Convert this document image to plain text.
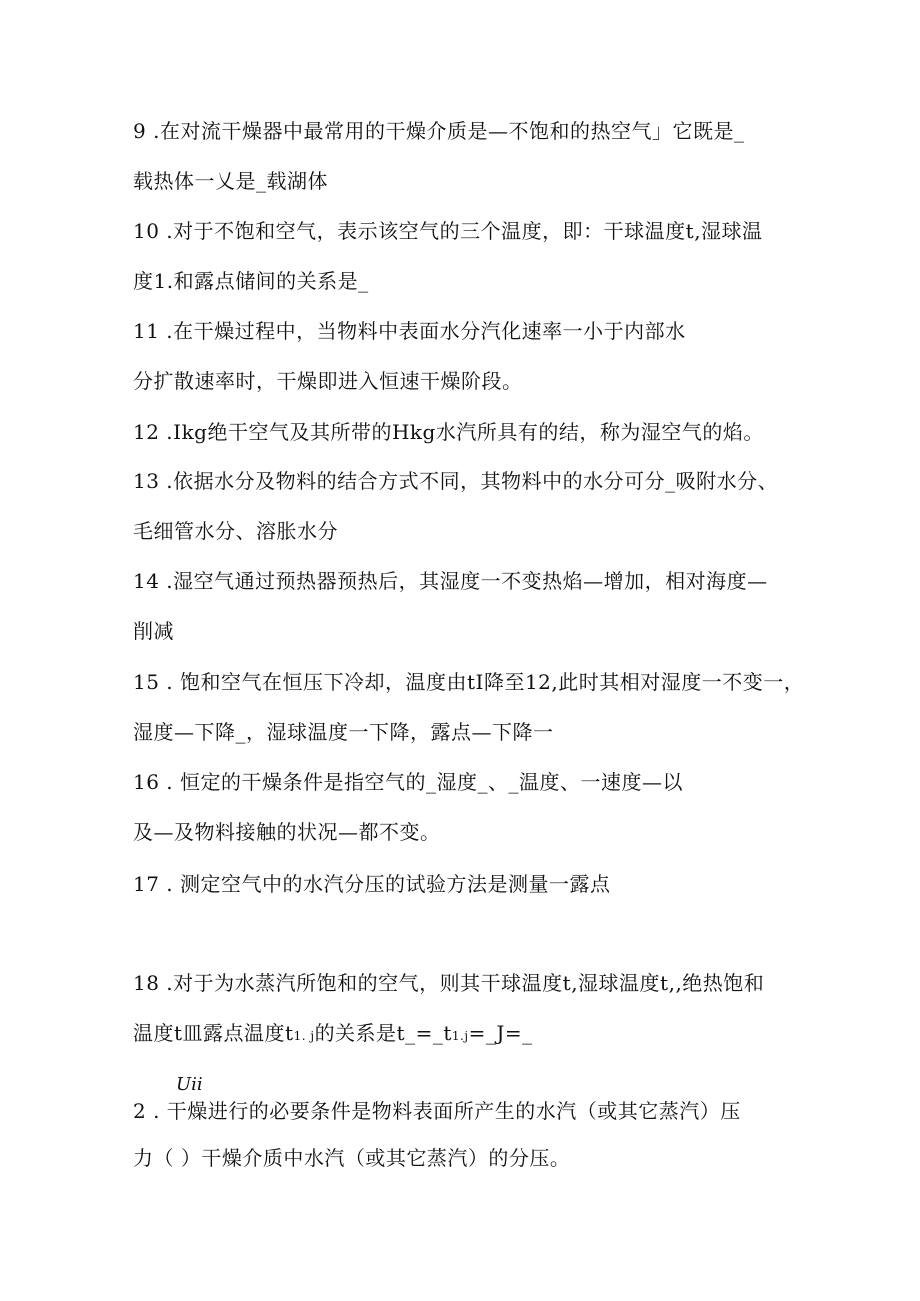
9 .在对流干燥器中最常用的干燥介质是—不饱和的热空气」它既是_
载热体一乂是_载湖体
10 .对于不饱和空气，表示该空气的三个温度，即：干球温度t,湿球温
度1.和露点储间的关系是_
11 .在干燥过程中，当物料中表面水分汽化速率一小于内部水
分扩散速率时，干燥即进入恒速干燥阶段。
12 .Ikg绝干空气及其所带的Hkg水汽所具有的结，称为湿空气的焰。
13 .依据水分及物料的结合方式不同，其物料中的水分可分_吸附水分、
毛细管水分、溶胀水分
14 .湿空气通过预热器预热后，其湿度一不变热焰—增加，相对海度—
削减
15 . 饱和空气在恒压下冷却，温度由tI降至12,此时其相对湿度一不变一，
湿度—下降_，湿球温度一下降，露点—下降一
16 . 恒定的干燥条件是指空气的_湿度_、_温度、一速度—以
及—及物料接触的状况—都不变。
17 . 测定空气中的水汽分压的试验方法是测量一露点
18 .对于为水蒸汽所饱和的空气，则其干球温度t,湿球温度t,,绝热饱和
温度t皿露点温度t1. j的关系是t_=_t1.j=_J=_
Uii
2 . 干燥进行的必要条件是物料表面所产生的水汽（或其它蒸汽）压
力（ ）干燥介质中水汽（或其它蒸汽）的分压。
